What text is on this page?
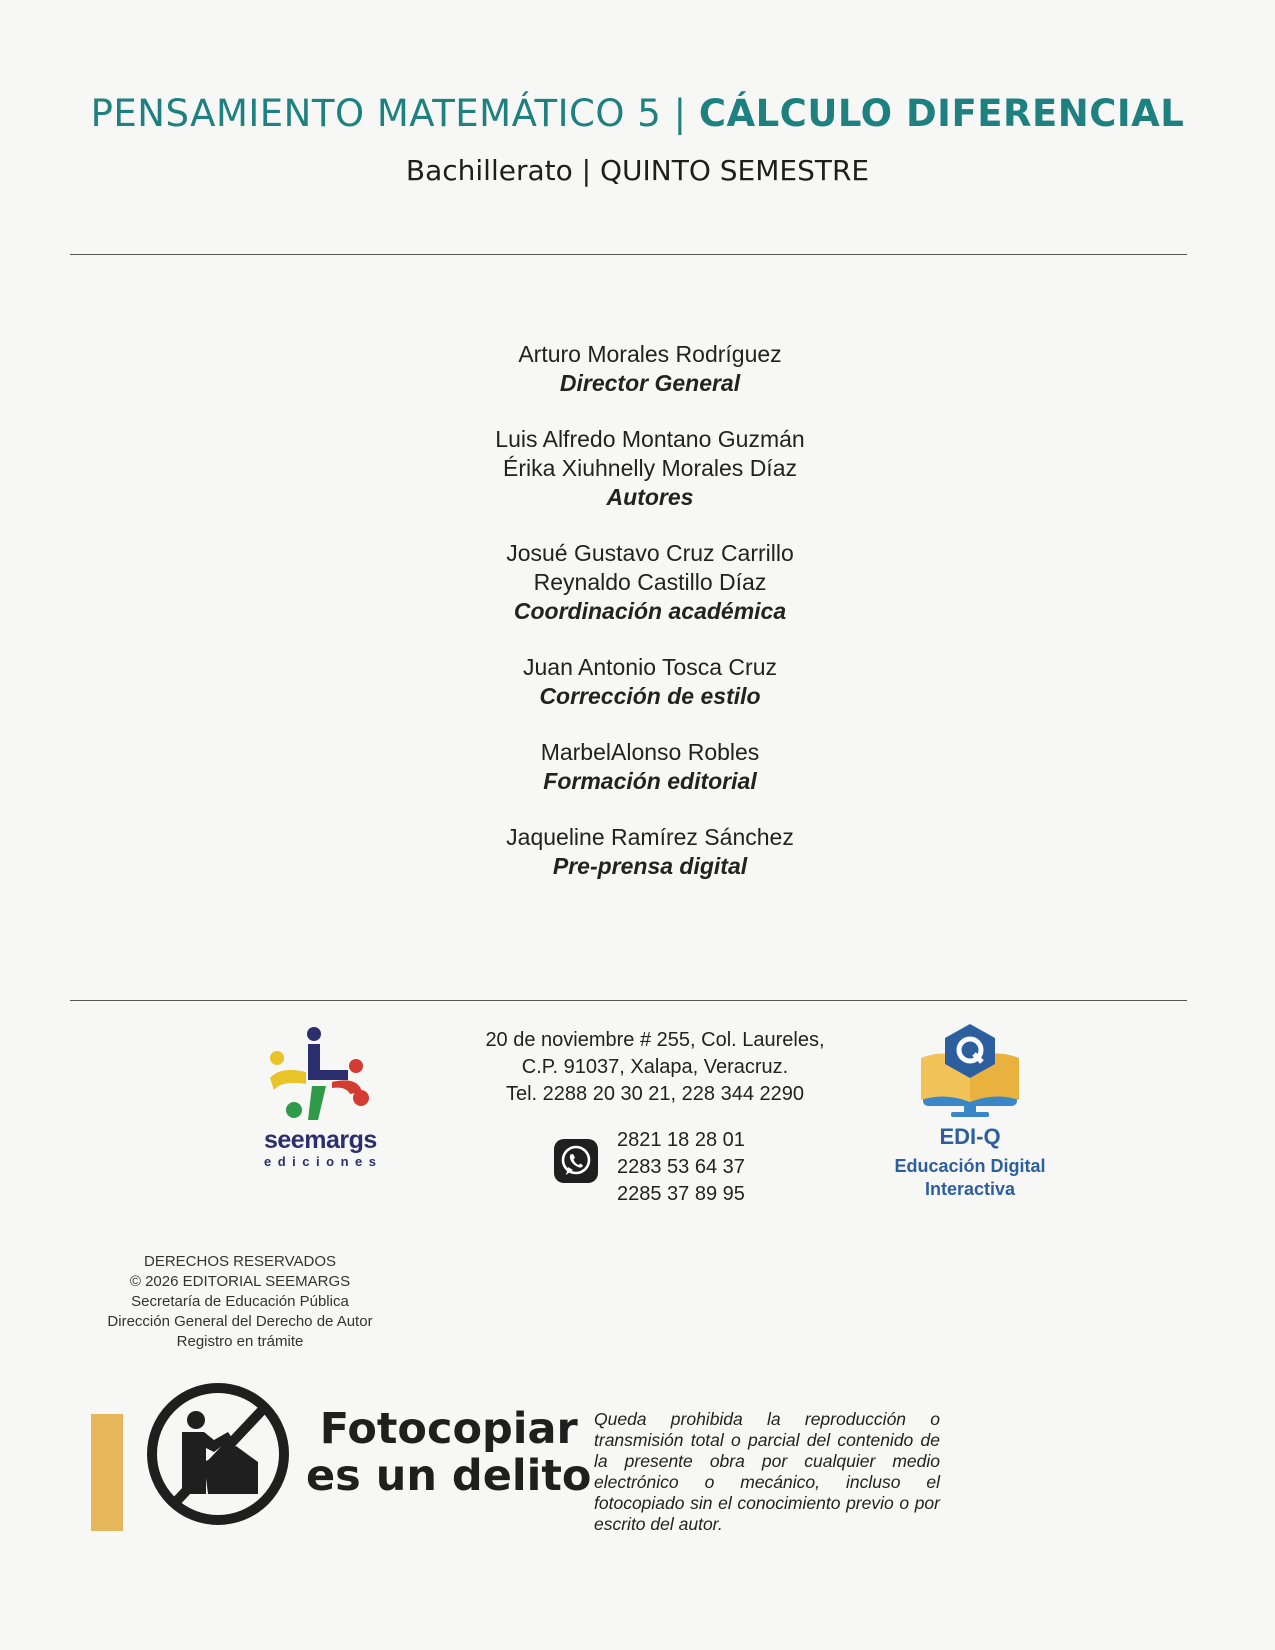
PENSAMIENTO MATEMÁTICO 5 | CÁLCULO DIFERENCIAL
Bachillerato | QUINTO SEMESTRE
Arturo Morales Rodríguez
Director General
Luis Alfredo Montano Guzmán
Érika Xiuhnelly Morales Díaz
Autores
Josué Gustavo Cruz Carrillo
Reynaldo Castillo Díaz
Coordinación académica
Juan Antonio Tosca Cruz
Corrección de estilo
MarbelAlonso Robles
Formación editorial
Jaqueline Ramírez Sánchez
Pre-prensa digital
seemargs
ediciones
20 de noviembre # 255, Col. Laureles,
C.P. 91037, Xalapa, Veracruz.
Tel. 2288 20 30 21, 228 344 2290
2821 18 28 01
2283 53 64 37
2285 37 89 95
EDI-Q
Educación Digital
Interactiva
DERECHOS RESERVADOS
© 2026 EDITORIAL SEEMARGS
Secretaría de Educación Pública
Dirección General del Derecho de Autor
Registro en trámite
Fotocopiar
es un delito
Queda prohibida la reproducción o transmisión total o parcial del contenido de la presente obra por cualquier medio electrónico o mecánico, incluso el fotocopiado sin el conocimiento previo o por escrito del autor.
